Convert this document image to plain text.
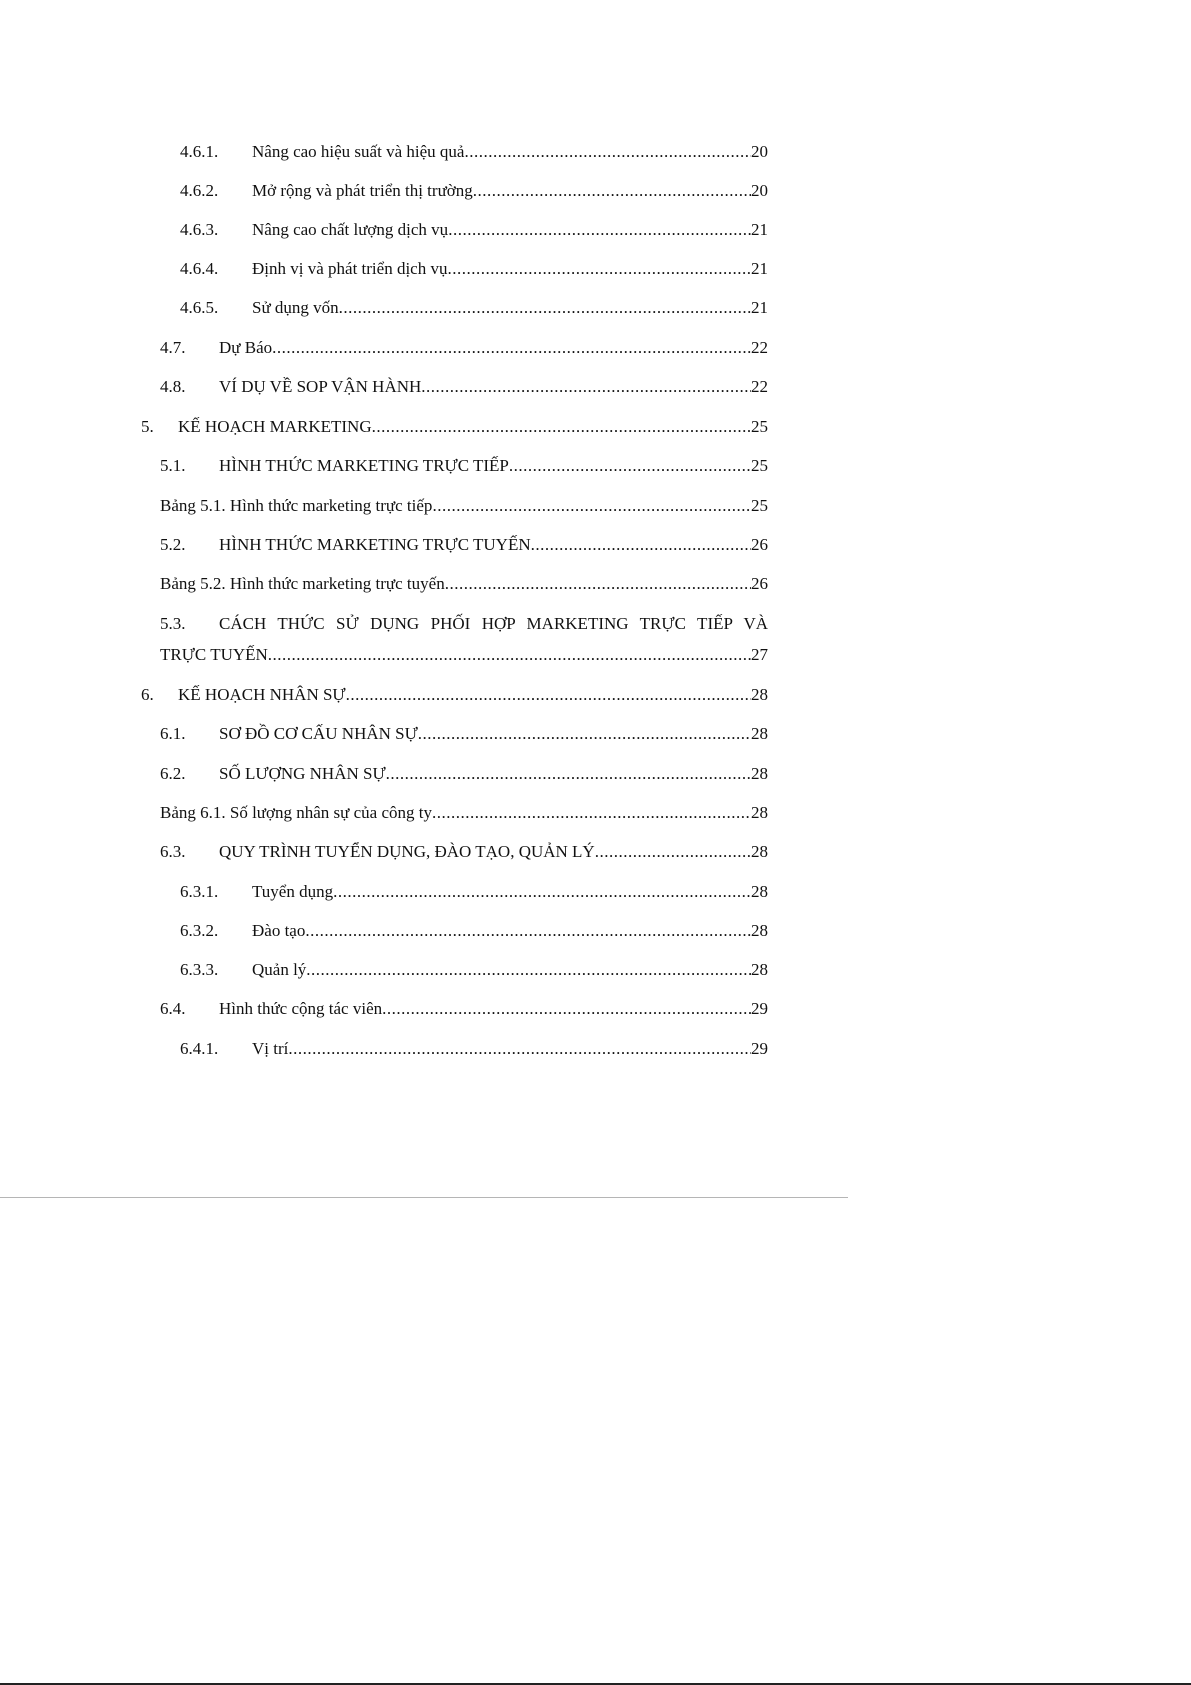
4.6.1. Nâng cao hiệu suất và hiệu quả .....	20
4.6.2. Mở rộng và phát triển thị trường .....	20
4.6.3. Nâng cao chất lượng dịch vụ .....	21
4.6.4. Định vị và phát triển dịch vụ .....	21
4.6.5. Sử dụng vốn .....	21
4.7. Dự Báo .....	22
4.8. VÍ DỤ VỀ SOP VẬN HÀNH .....	22
5. KẾ HOẠCH MARKETING .....	25
5.1. HÌNH THỨC MARKETING TRỰC TIẾP .....	25
Bảng 5.1. Hình thức marketing trực tiếp .....	25
5.2. HÌNH THỨC MARKETING TRỰC TUYẾN .....	26
Bảng 5.2. Hình thức marketing trực tuyến .....	26
5.3. CÁCH THỨC SỬ DỤNG PHỐI HỢP MARKETING TRỰC TIẾP VÀ
TRỰC TUYẾN .....	27
6. KẾ HOẠCH NHÂN SỰ .....	28
6.1. SƠ ĐỒ CƠ CẤU NHÂN SỰ .....	28
6.2. SỐ LƯỢNG NHÂN SỰ .....	28
Bảng 6.1. Số lượng nhân sự của công ty .....	28
6.3. QUY TRÌNH TUYỂN DỤNG, ĐÀO TẠO, QUẢN LÝ .....	28
6.3.1. Tuyển dụng .....	28
6.3.2. Đào tạo .....	28
6.3.3. Quản lý .....	28
6.4. Hình thức cộng tác viên .....	29
6.4.1. Vị trí .....	29
